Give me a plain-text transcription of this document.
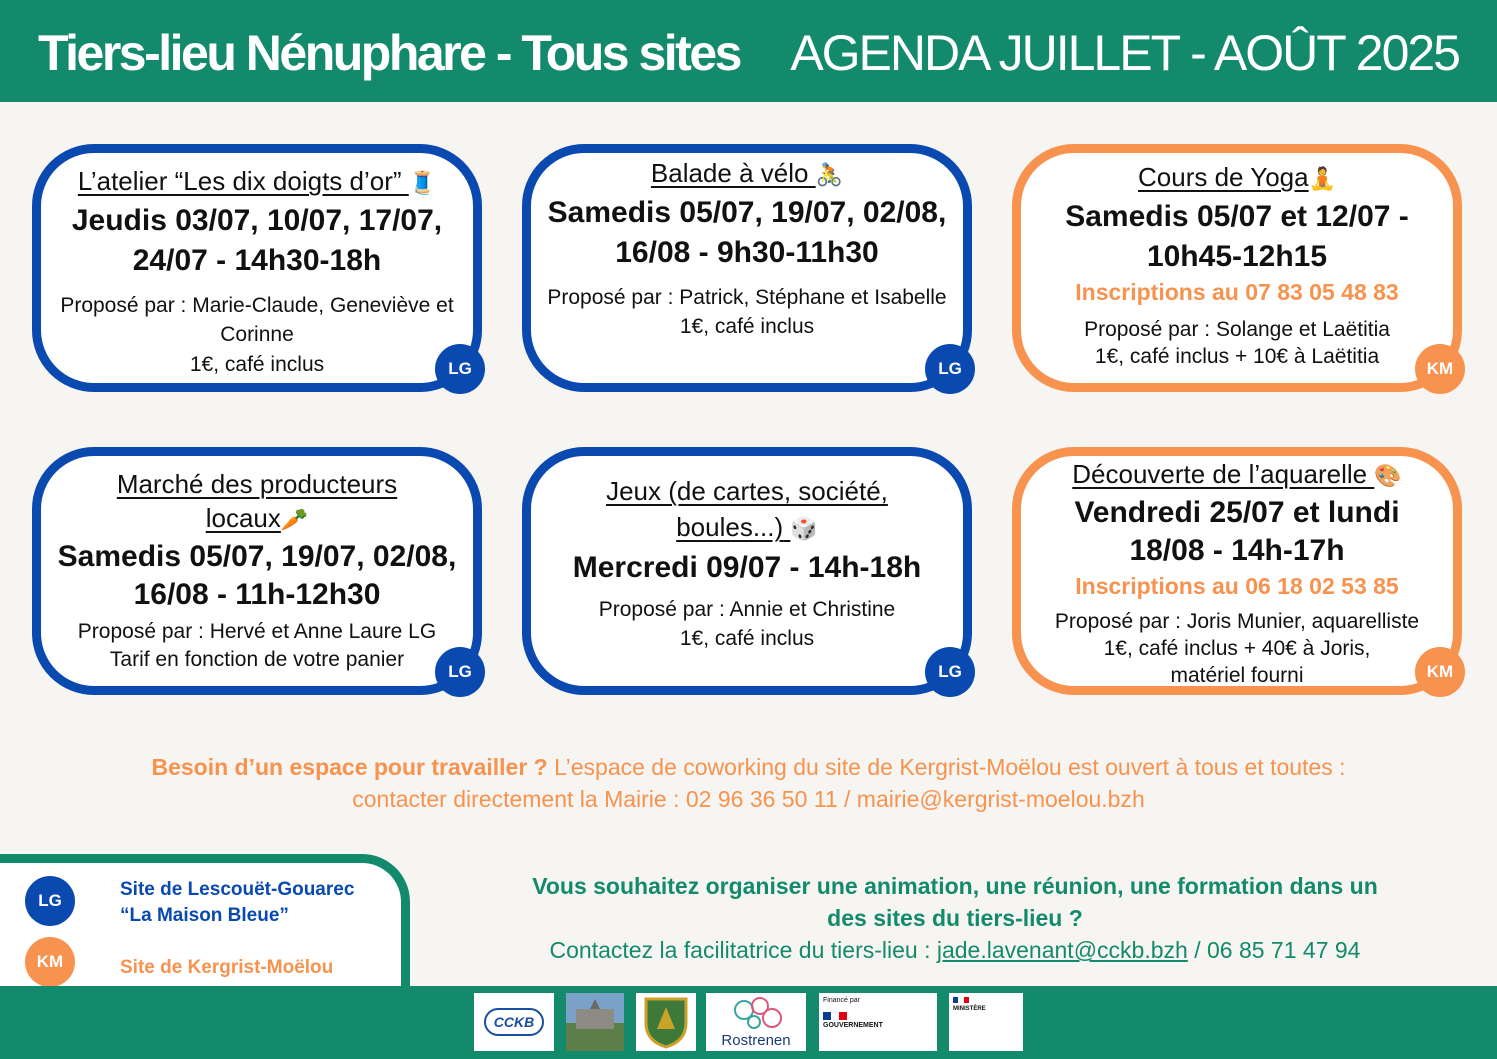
Tiers-lieu Nénuphare - Tous sites AGENDA JUILLET - AOÛT 2025
L’atelier “Les dix doigts d’or” 🧵
Jeudis 03/07, 10/07, 17/07, 24/07 - 14h30-18h
Proposé par : Marie-Claude, Geneviève et Corinne
1€, café inclus	LG
Balade à vélo 🚴
Samedis 05/07, 19/07, 02/08, 16/08 - 9h30-11h30
Proposé par : Patrick, Stéphane et Isabelle
1€, café inclus
LG
Cours de Yoga🧘
Samedis 05/07 et 12/07 - 10h45-12h15
Inscriptions au 07 83 05 48 83
Proposé par : Solange et Laëtitia
1€, café inclus + 10€ à Laëtitia
KM
Marché des producteurs locaux🥕
Samedis 05/07, 19/07, 02/08, 16/08 - 11h-12h30
Proposé par : Hervé et Anne Laure LG
Tarif en fonction de votre panier
LG
Jeux (de cartes, société, boules...) 🎲
Mercredi 09/07 - 14h-18h
Proposé par : Annie et Christine
1€, café inclus
LG
Découverte de l’aquarelle 🎨
Vendredi 25/07 et lundi 18/08 - 14h-17h
Inscriptions au 06 18 02 53 85
Proposé par : Joris Munier, aquarelliste
1€, café inclus + 40€ à Joris, matériel fourni	KM
Besoin d’un espace pour travailler ? L’espace de coworking du site de Kergrist-Moëlou est ouvert à tous et toutes : contacter directement la Mairie : 02 96 36 50 11 / mairie@kergrist-moelou.bzh
LG
Site de Lescouët-Gouarec
“La Maison Bleue”
KM	Site de Kergrist-Moëlou
Vous souhaitez organiser une animation, une réunion, une formation dans un des sites du tiers-lieu ?
Contactez la facilitatrice du tiers-lieu : jade.lavenant@cckb.bzh / 06 85 71 47 94
CCKB
Rostrenen
Financé par
GOUVERNEMENT
MINISTÈRE
